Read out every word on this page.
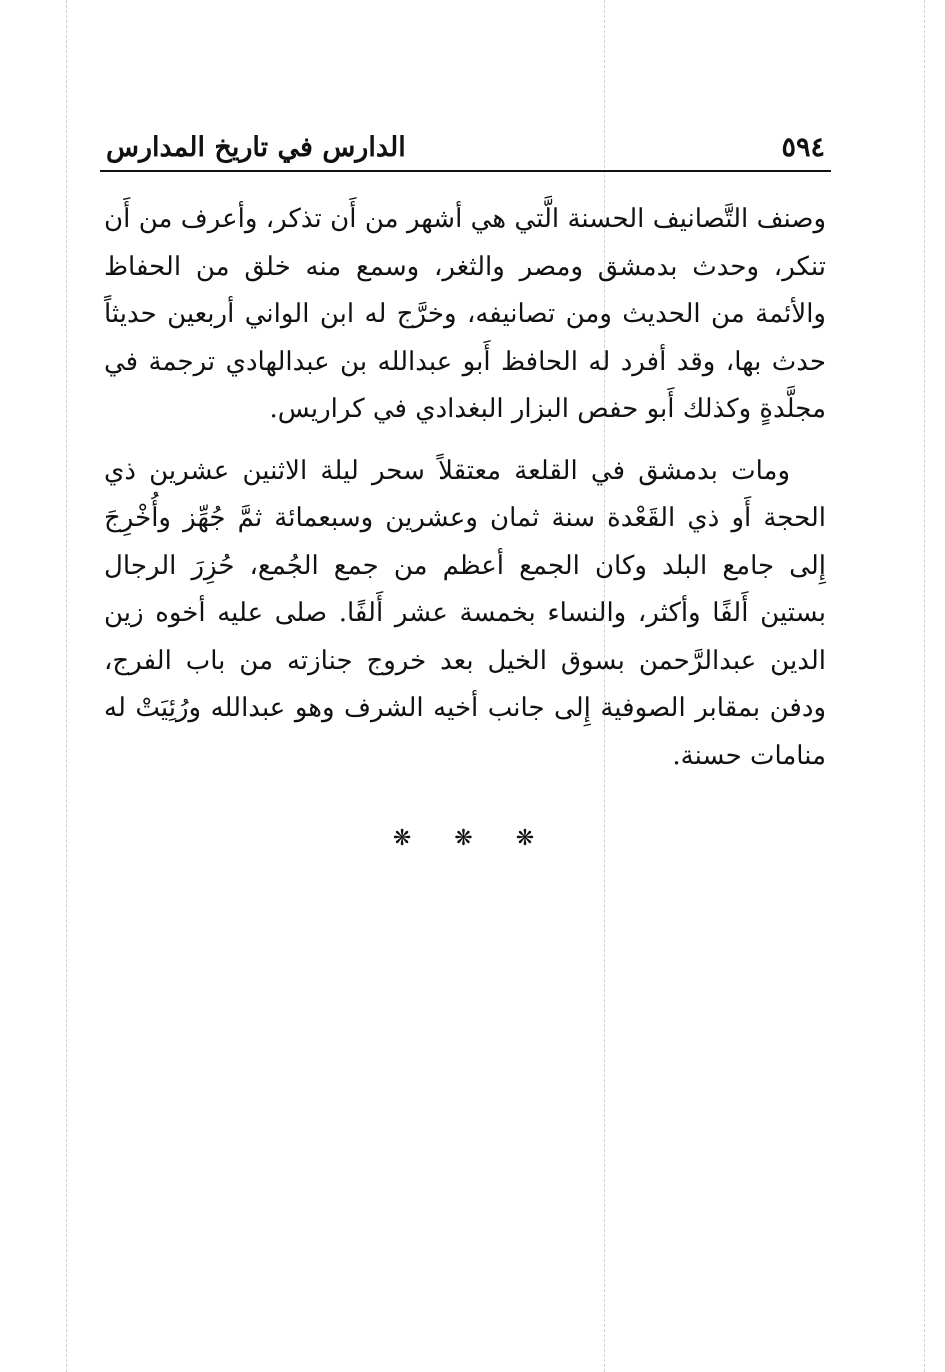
٥٩٤
الدارس في تاريخ المدارس

وصنف التَّصانيف الحسنة الَّتي هي أشهر من أَن تذكر، وأعرف من أَن تنكر، وحدث بدمشق ومصر والثغر، وسمع منه خلق من الحفاظ والأئمة من الحديث ومن تصانيفه، وخرَّج له ابن الواني أربعين حديثاً حدث بها، وقد أفرد له الحافظ أَبو عبدالله بن عبدالهادي ترجمة في مجلَّدةٍ وكذلك أَبو حفص البزار البغدادي في كراريس.

ومات بدمشق في القلعة معتقلاً سحر ليلة الاثنين عشرين ذي الحجة أَو ذي القَعْدة سنة ثمان وعشرين وسبعمائة ثمَّ جُهِّز وأُخْرِجَ إِلى جامع البلد وكان الجمع أعظم من جمع الجُمع، حُزِرَ الرجال بستين أَلفًا وأكثر، والنساء بخمسة عشر أَلفًا. صلى عليه أخوه زين الدين عبدالرَّحمن بسوق الخيل بعد خروج جنازته من باب الفرج، ودفن بمقابر الصوفية إِلى جانب أخيه الشرف وهو عبدالله ورُئِيَتْ له منامات حسنة.

❋ ❋ ❋
